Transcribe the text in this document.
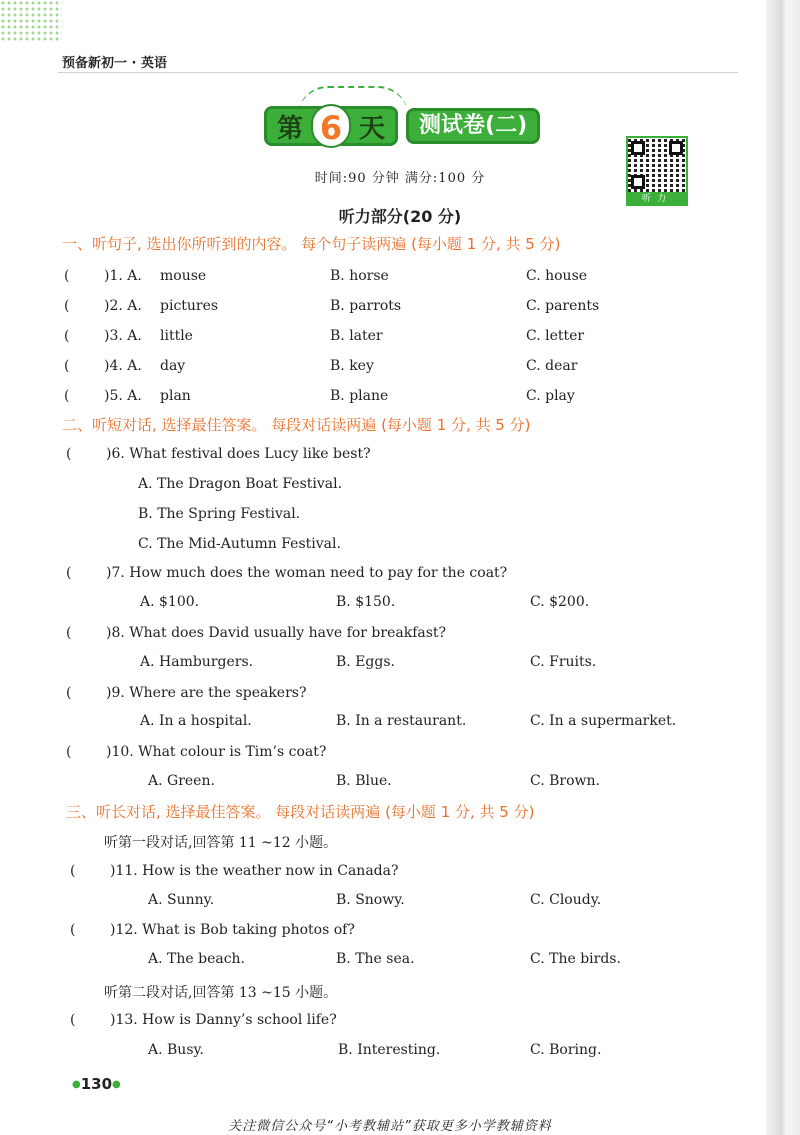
预备新初一 · 英语
第 6 天	测试卷(二)
时间:90 分钟 满分:100 分
听力
听力部分(20 分)
一、听句子, 选出你所听到的内容。 每个句子读两遍 (每小题 1 分, 共 5 分)
( )1. A. mouse	B. horse	C. house
( )2. A. pictures	B. parrots	C. parents
( )3. A. little	B. later	C. letter
( )4. A. day	B. key	C. dear
( )5. A. plan	B. plane	C. play
二、听短对话, 选择最佳答案。 每段对话读两遍 (每小题 1 分, 共 5 分)
( )6. What festival does Lucy like best?
A. The Dragon Boat Festival.
B. The Spring Festival.
C. The Mid-Autumn Festival.
( )7. How much does the woman need to pay for the coat?
A. $100.	B. $150.	C. $200.
( )8. What does David usually have for breakfast?
A. Hamburgers.	B. Eggs.	C. Fruits.
( )9. Where are the speakers?
A. In a hospital.	B. In a restaurant.	C. In a supermarket.
( )10. What colour is Tim’s coat?
A. Green.	B. Blue.	C. Brown.
三、听长对话, 选择最佳答案。 每段对话读两遍 (每小题 1 分, 共 5 分)
听第一段对话,回答第 11 ~12 小题。
( )11. How is the weather now in Canada?
A. Sunny.	B. Snowy.	C. Cloudy.
( )12. What is Bob taking photos of?
A. The beach.	B. The sea.	C. The birds.
听第二段对话,回答第 13 ~15 小题。
( )13. How is Danny’s school life?
A. Busy.	B. Interesting.	C. Boring.
●130●
关注微信公众号“小考教辅站”获取更多小学教辅资料
